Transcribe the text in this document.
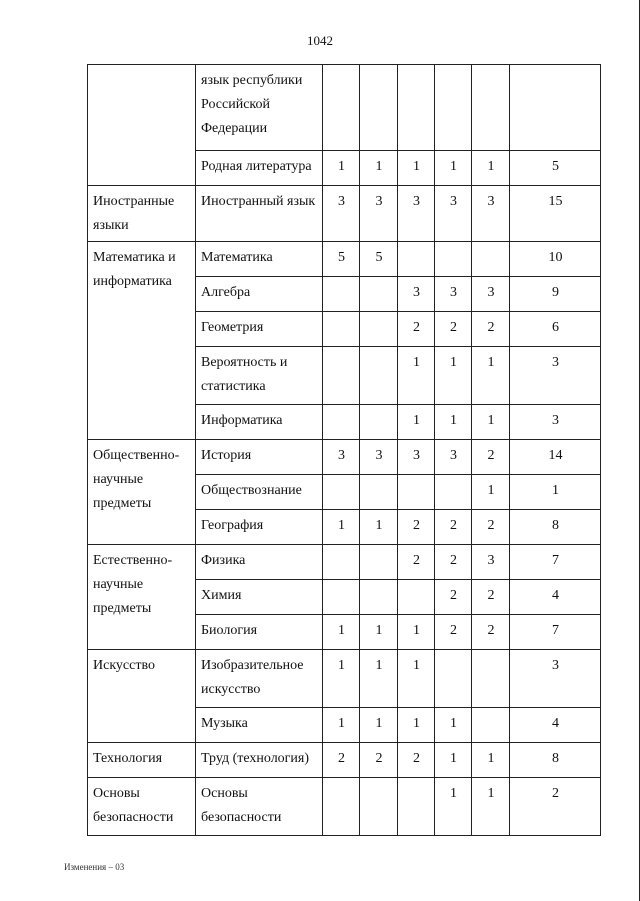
1042
	язык республики Российской Федерации						
	Родная литература	1	1	1	1	1	5
Иностранные языки	Иностранный язык	3	3	3	3	3	15
Математика и информатика	Математика	5	5				10
	Алгебра			3	3	3	9
	Геометрия			2	2	2	6
	Вероятность и статистика			1	1	1	3
	Информатика			1	1	1	3
Общественно-научные предметы	История	3	3	3	3	2	14
	Обществознание					1	1
	География	1	1	2	2	2	8
Естественно-научные предметы	Физика			2	2	3	7
	Химия				2	2	4
	Биология	1	1	1	2	2	7
Искусство	Изобразительное искусство	1	1	1			3
	Музыка	1	1	1	1		4
Технология	Труд (технология)	2	2	2	1	1	8
Основы безопасности	Основы безопасности				1	1	2
Изменения – 03
